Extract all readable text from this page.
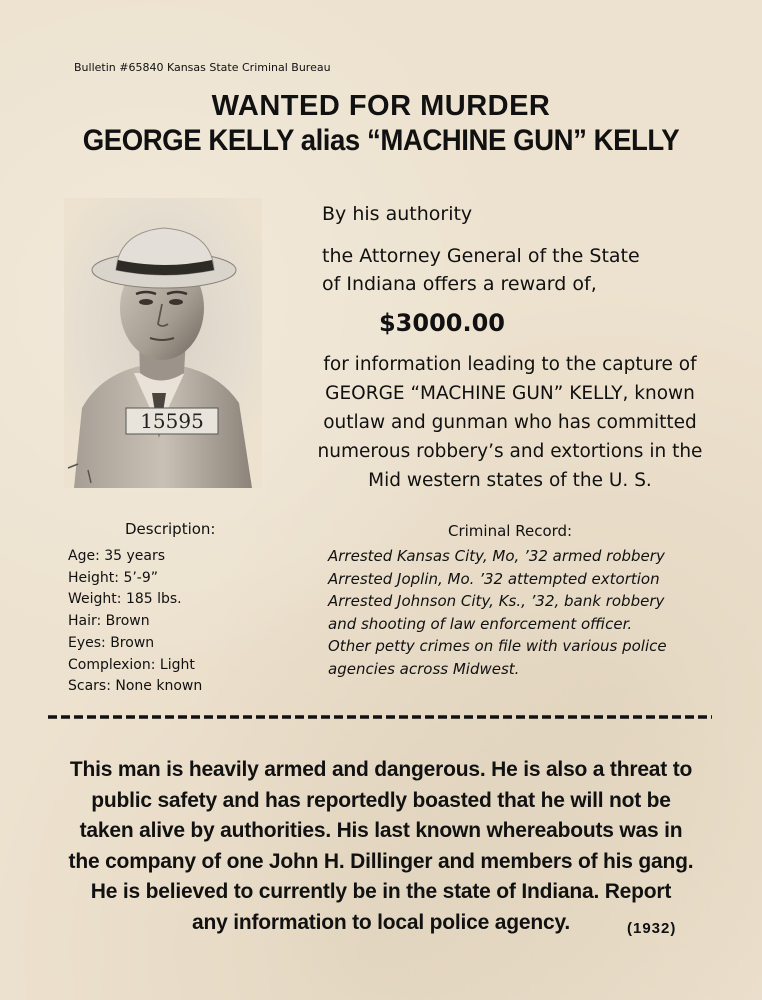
Bulletin #65840 Kansas State Criminal Bureau
WANTED FOR MURDER
GEORGE KELLY alias “MACHINE GUN” KELLY
15595
By his authority
the Attorney General of the State
of Indiana offers a reward of,
$3000.00
for information leading to the capture of
GEORGE “MACHINE GUN” KELLY, known
outlaw and gunman who has committed
numerous robbery’s and extortions in the
Mid western states of the U. S.
Description:
Age: 35 years
Height: 5’-9”
Weight: 185 lbs.
Hair: Brown
Eyes: Brown
Complexion: Light
Scars: None known
Criminal Record:
Arrested Kansas City, Mo, ’32 armed robbery
Arrested Joplin, Mo. ’32 attempted extortion
Arrested Johnson City, Ks., ’32, bank robbery
and shooting of law enforcement officer.
Other petty crimes on file with various police
agencies across Midwest.
This man is heavily armed and dangerous. He is also a threat to
public safety and has reportedly boasted that he will not be
taken alive by authorities. His last known whereabouts was in
the company of one John H. Dillinger and members of his gang.
He is believed to currently be in the state of Indiana. Report
any information to local police agency.	(1932)
